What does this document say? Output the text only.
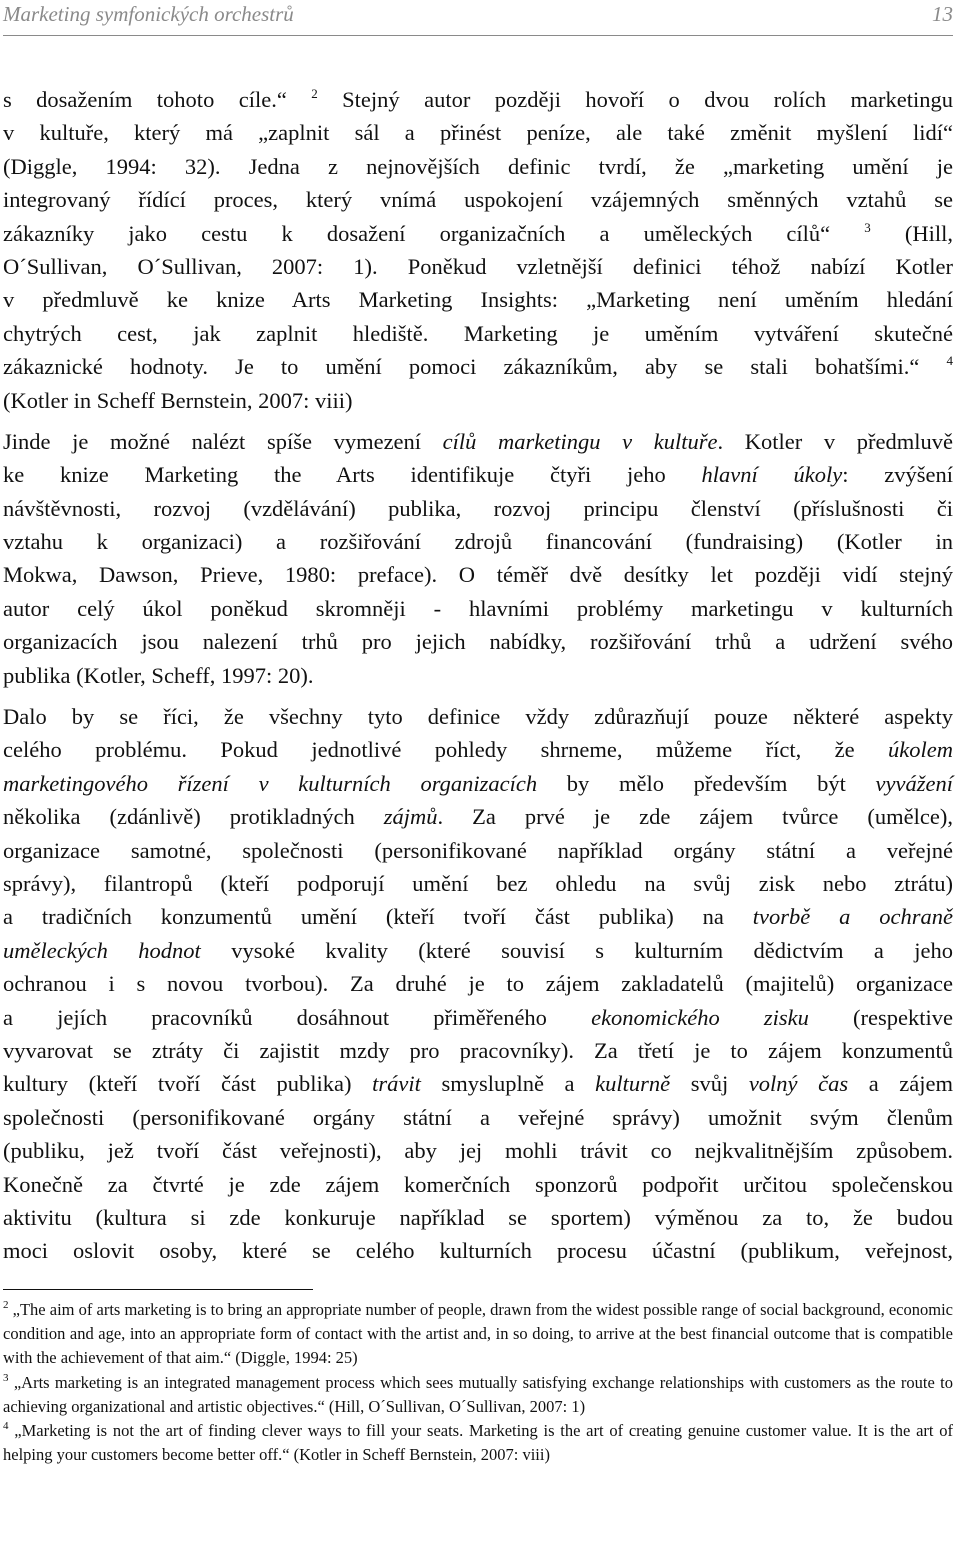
Marketing symfonických orchestrů	13

s dosažením tohoto cíle.“ $^2$ Stejný autor později hovoří o dvou rolích marketingu
v kultuře, který má „zaplnit sál a přinést peníze, ale také změnit myšlení lidí“
(Diggle, 1994: 32). Jedna z nejnovějších definic tvrdí, že „marketing umění je
integrovaný řídící proces, který vnímá uspokojení vzájemných směnných vztahů se
zákazníky jako cestu k dosažení organizačních a uměleckých cílů“ $^3$ (Hill,
O´Sullivan, O´Sullivan, 2007: 1). Poněkud vzletnější definici téhož nabízí Kotler
v předmluvě ke knize Arts Marketing Insights: „Marketing není uměním hledání
chytrých cest, jak zaplnit hlediště. Marketing je uměním vytváření skutečné
zákaznické hodnoty. Je to umění pomoci zákazníkům, aby se stali bohatšími.“ $^4$
(Kotler in Scheff Bernstein, 2007: viii)

Jinde je možné nalézt spíše vymezení cílů marketingu v kultuře. Kotler v předmluvě
ke knize Marketing the Arts identifikuje čtyři jeho hlavní úkoly: zvýšení
návštěvnosti, rozvoj (vzdělávání) publika, rozvoj principu členství (příslušnosti či
vztahu k organizaci) a rozšiřování zdrojů financování (fundraising) (Kotler in
Mokwa, Dawson, Prieve, 1980: preface). O téměř dvě desítky let později vidí stejný
autor celý úkol poněkud skromněji - hlavními problémy marketingu v kulturních
organizacích jsou nalezení trhů pro jejich nabídky, rozšiřování trhů a udržení svého
publika (Kotler, Scheff, 1997: 20).

Dalo by se říci, že všechny tyto definice vždy zdůrazňují pouze některé aspekty
celého problému. Pokud jednotlivé pohledy shrneme, můžeme říct, že úkolem
marketingového řízení v kulturních organizacích by mělo především být vyvážení
několika (zdánlivě) protikladných zájmů. Za prvé je zde zájem tvůrce (umělce),
organizace samotné, společnosti (personifikované například orgány státní a veřejné
správy), filantropů (kteří podporují umění bez ohledu na svůj zisk nebo ztrátu)
a tradičních konzumentů umění (kteří tvoří část publika) na tvorbě a ochraně
uměleckých hodnot vysoké kvality (které souvisí s kulturním dědictvím a jeho
ochranou i s novou tvorbou). Za druhé je to zájem zakladatelů (majitelů) organizace
a jejích pracovníků dosáhnout přiměřeného ekonomického zisku (respektive
vyvarovat se ztráty či zajistit mzdy pro pracovníky). Za třetí je to zájem konzumentů
kultury (kteří tvoří část publika) trávit smysluplně a kulturně svůj volný čas a zájem
společnosti (personifikované orgány státní a veřejné správy) umožnit svým členům
(publiku, jež tvoří část veřejnosti), aby jej mohli trávit co nejkvalitnějším způsobem.
Konečně za čtvrté je zde zájem komerčních sponzorů podpořit určitou společenskou
aktivitu (kultura si zde konkuruje například se sportem) výměnou za to, že budou
moci oslovit osoby, které se celého kulturních procesu účastní (publikum, veřejnost,

$^2$ „The aim of arts marketing is to bring an appropriate number of people, drawn from the widest possible range of social background, economic condition and age, into an appropriate form of contact with the artist and, in so doing, to arrive at the best financial outcome that is compatible with the achievement of that aim.“ (Diggle, 1994: 25)
$^3$ „Arts marketing is an integrated management process which sees mutually satisfying exchange relationships with customers as the route to achieving organizational and artistic objectives.“ (Hill, O´Sullivan, O´Sullivan, 2007: 1)
$^4$ „Marketing is not the art of finding clever ways to fill your seats. Marketing is the art of creating genuine customer value. It is the art of helping your customers become better off.“ (Kotler in Scheff Bernstein, 2007: viii)
